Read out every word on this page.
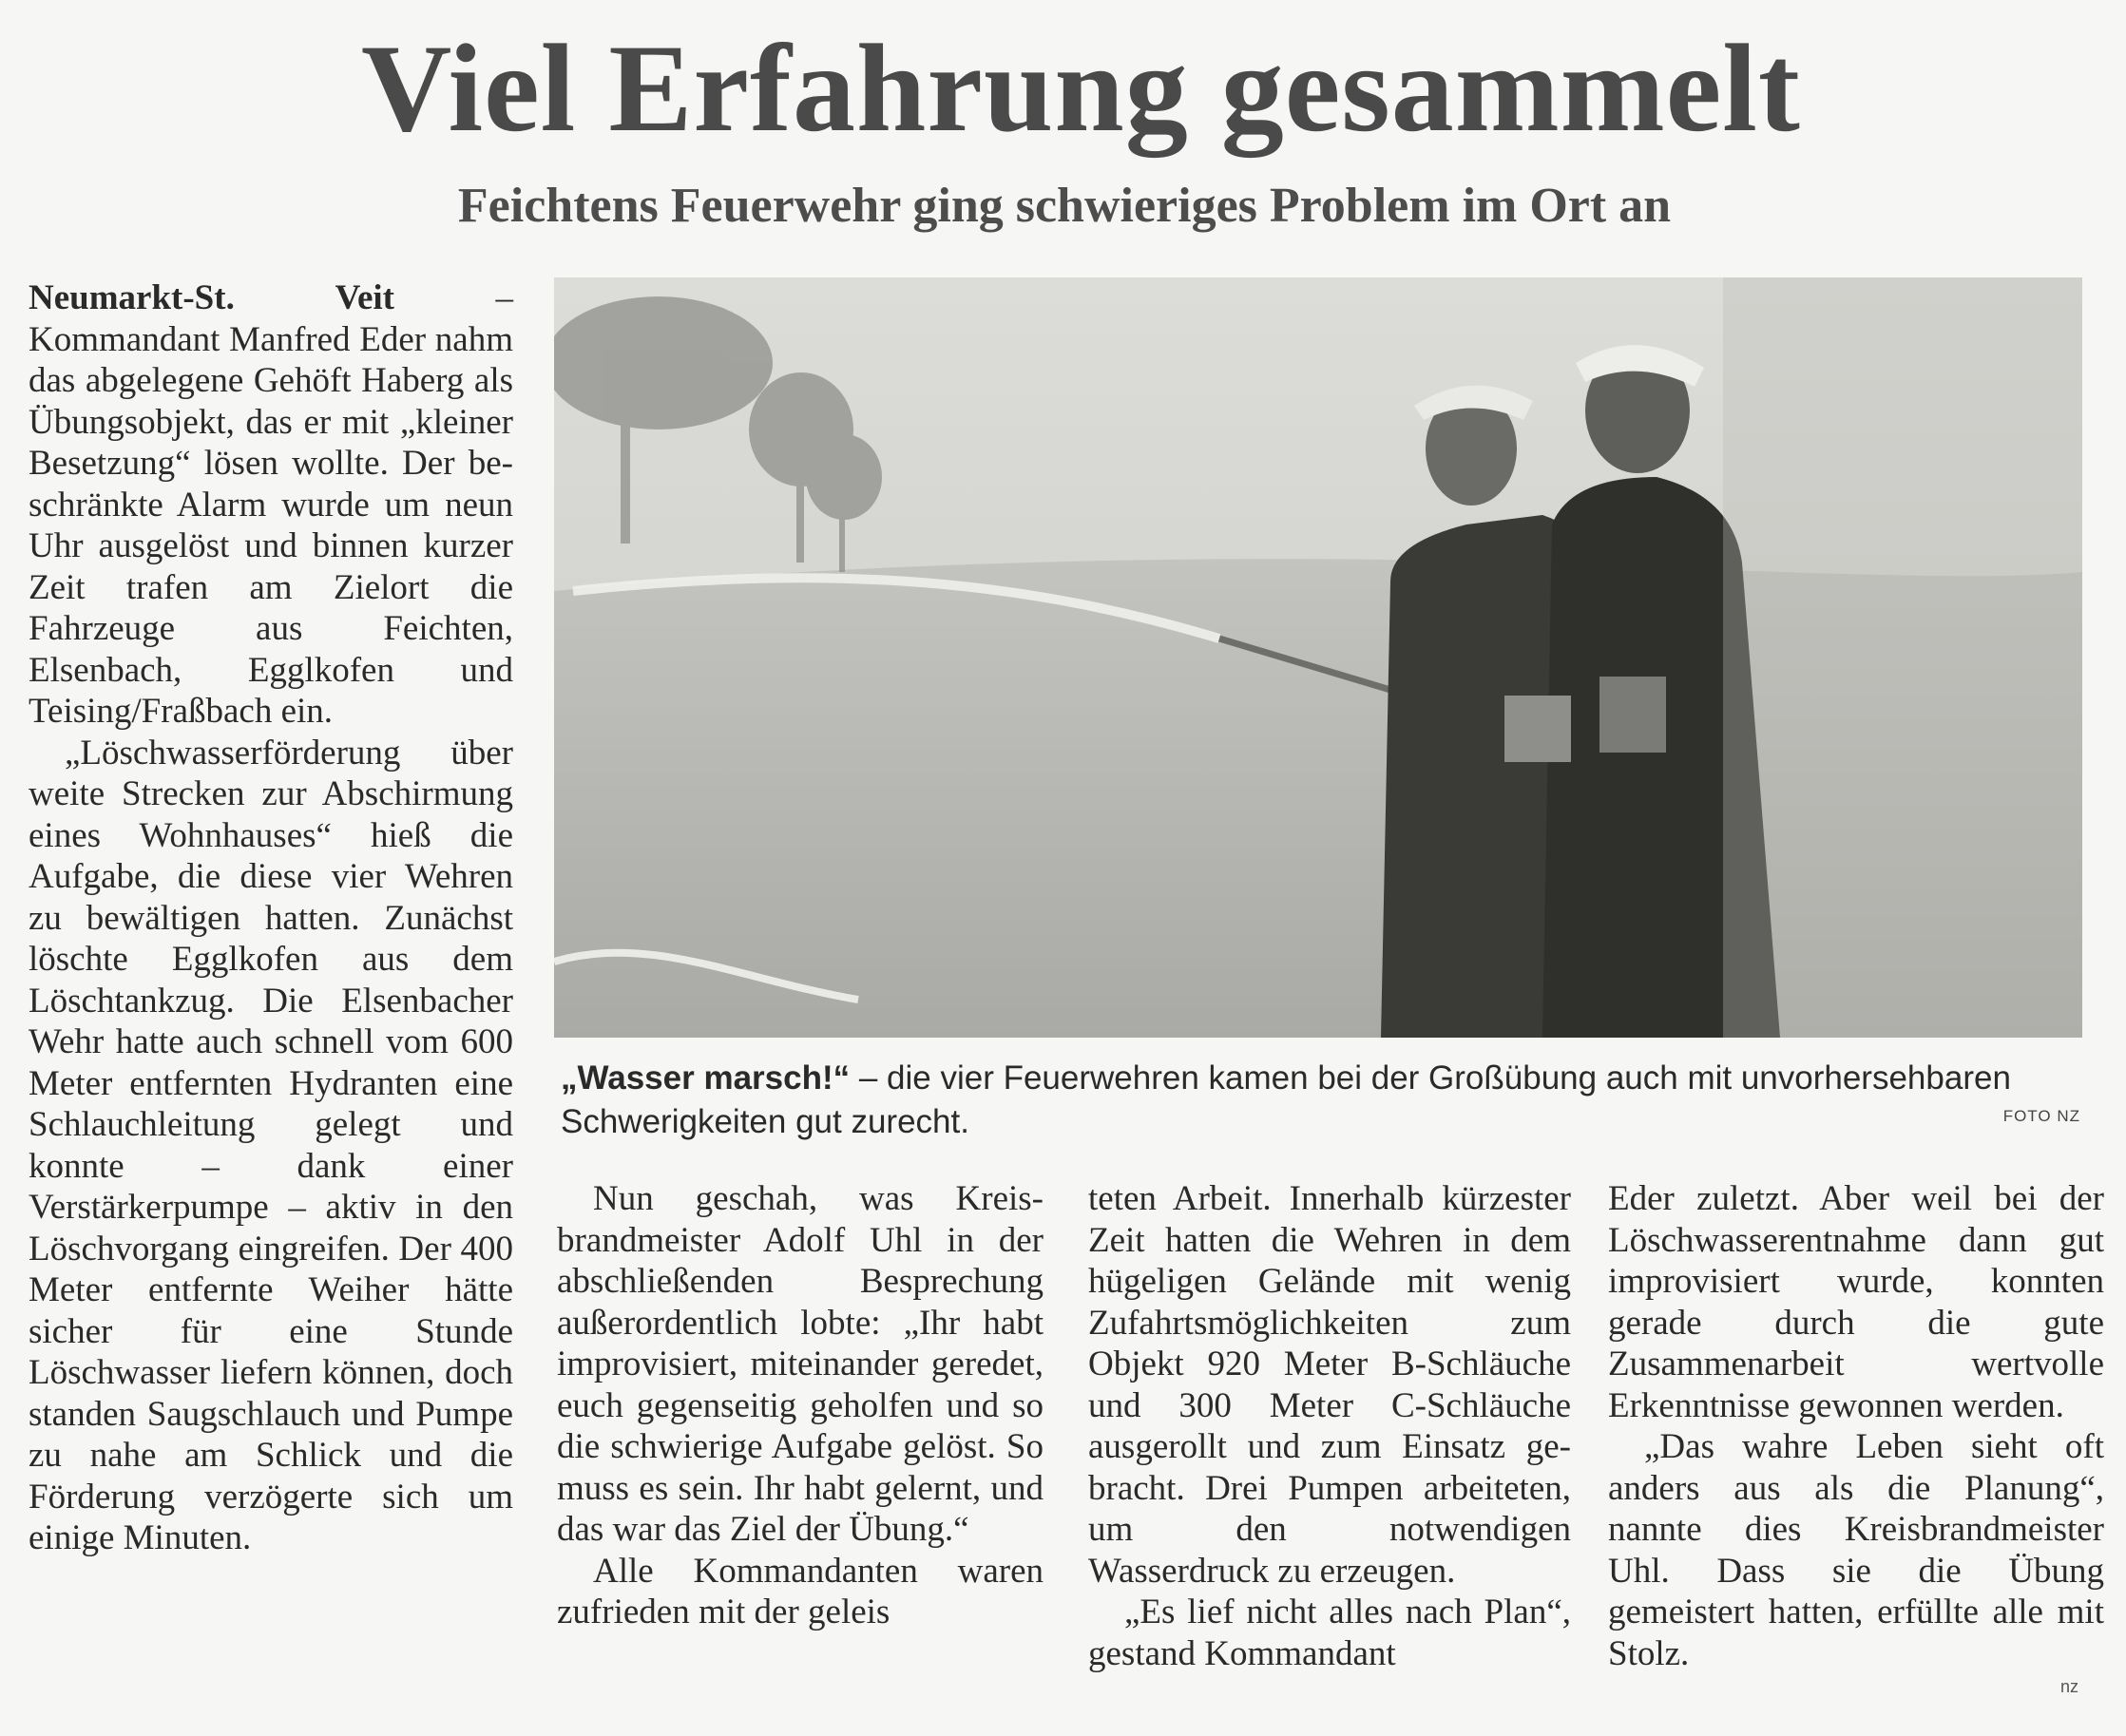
Viel Erfahrung gesammelt
Feichtens Feuerwehr ging schwieriges Problem im Ort an

Neumarkt-St. Veit – Kommandant Manfred Eder nahm das abgelegene Gehöft Haberg als Übungsobjekt, das er mit „kleiner Besetzung“ lösen wollte. Der beschränkte Alarm wurde um neun Uhr ausgelöst und binnen kurzer Zeit trafen am Zielort die Fahrzeuge aus Feichten, Elsenbach, Egglkofen und Teising/Fraßbach ein.

„Löschwasserförderung über weite Strecken zur Abschirmung eines Wohnhauses“ hieß die Aufgabe, die diese vier Wehren zu bewältigen hatten. Zunächst löschte Egglkofen aus dem Löschtankzug. Die Elsenbacher Wehr hatte auch schnell vom 600 Meter entfernten Hydranten eine Schlauchleitung gelegt und konnte – dank einer Verstärkerpumpe – aktiv in den Löschvorgang eingreifen. Der 400 Meter entfernte Weiher hätte sicher für eine Stunde Löschwasser liefern können, doch standen Saugschlauch und Pumpe zu nahe am Schlick und die Förderung verzögerte sich um einige Minuten.

„Wasser marsch!“ – die vier Feuerwehren kamen bei der Großübung auch mit unvorhersehbaren Schwerigkeiten gut zurecht.	FOTO NZ

Nun geschah, was Kreisbrandmeister Adolf Uhl in der abschließenden Besprechung außerordentlich lobte: „Ihr habt improvisiert, miteinander geredet, euch gegenseitig geholfen und so die schwierige Aufgabe gelöst. So muss es sein. Ihr habt gelernt, und das war das Ziel der Übung.“

Alle Kommandanten waren zufrieden mit der geleis

teten Arbeit. Innerhalb kürzester Zeit hatten die Wehren in dem hügeligen Gelände mit wenig Zufahrtsmöglichkeiten zum Objekt 920 Meter B-Schläuche und 300 Meter C-Schläuche ausgerollt und zum Einsatz gebracht. Drei Pumpen arbeiteten, um den notwendigen Wasserdruck zu erzeugen.

„Es lief nicht alles nach Plan“, gestand Kommandant

Eder zuletzt. Aber weil bei der Löschwasserentnahme dann gut improvisiert wurde, konnten gerade durch die gute Zusammenarbeit wertvolle Erkenntnisse gewonnen werden.

„Das wahre Leben sieht oft anders aus als die Planung“, nannte dies Kreisbrandmeister Uhl. Dass sie die Übung gemeistert hatten, erfüllte alle mit Stolz.

nz
